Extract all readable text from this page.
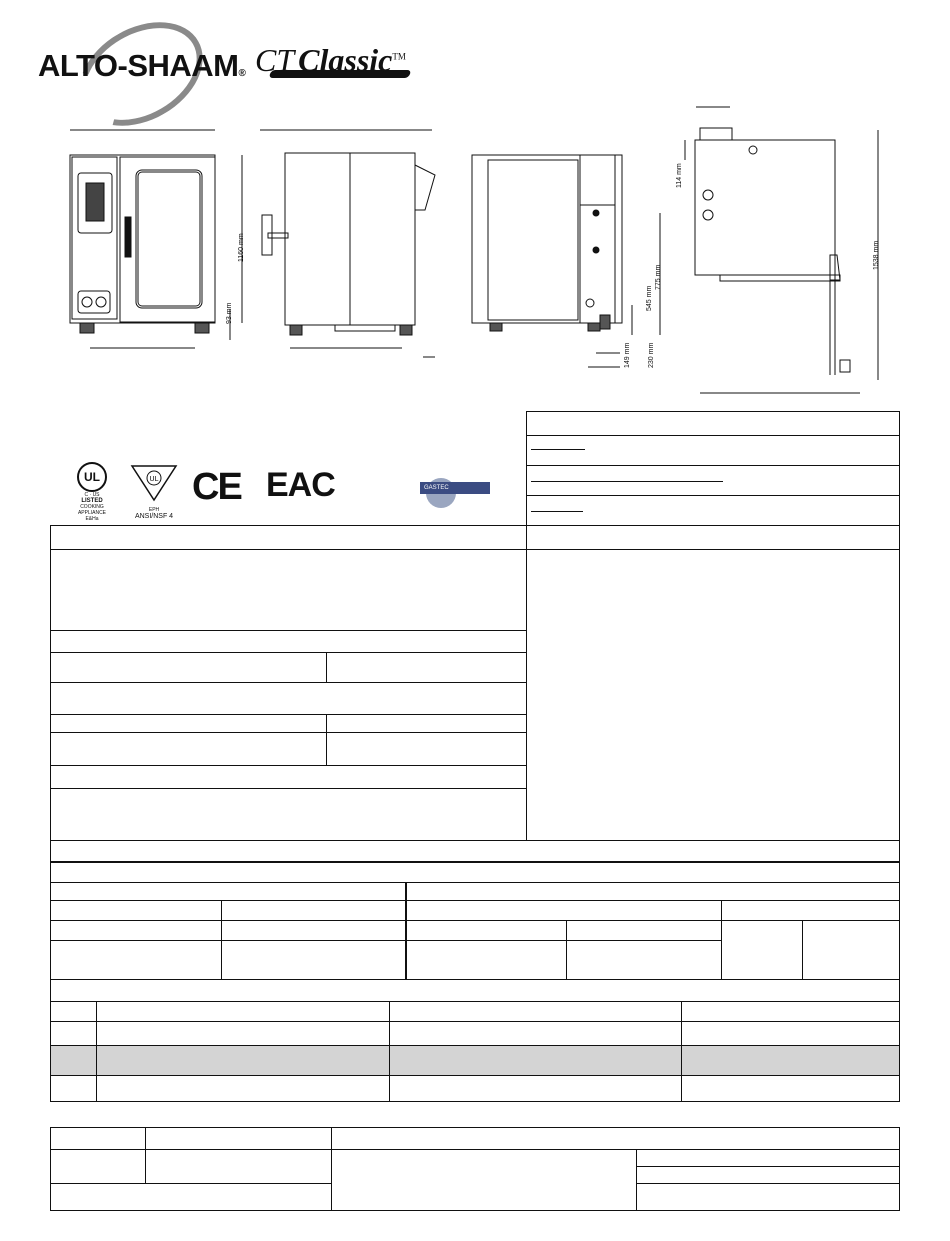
ALTO-SHAAM® CT Classic™
1160 mm
93 mm
545 mm
775 mm
149 mm 230 mm
114 mm
1538 mm
UL
C · US
LISTED
COOKING APPLIANCE
E&Ha
UL
EPH
ANSI/NSF 4
CE EAC	GASTEC
